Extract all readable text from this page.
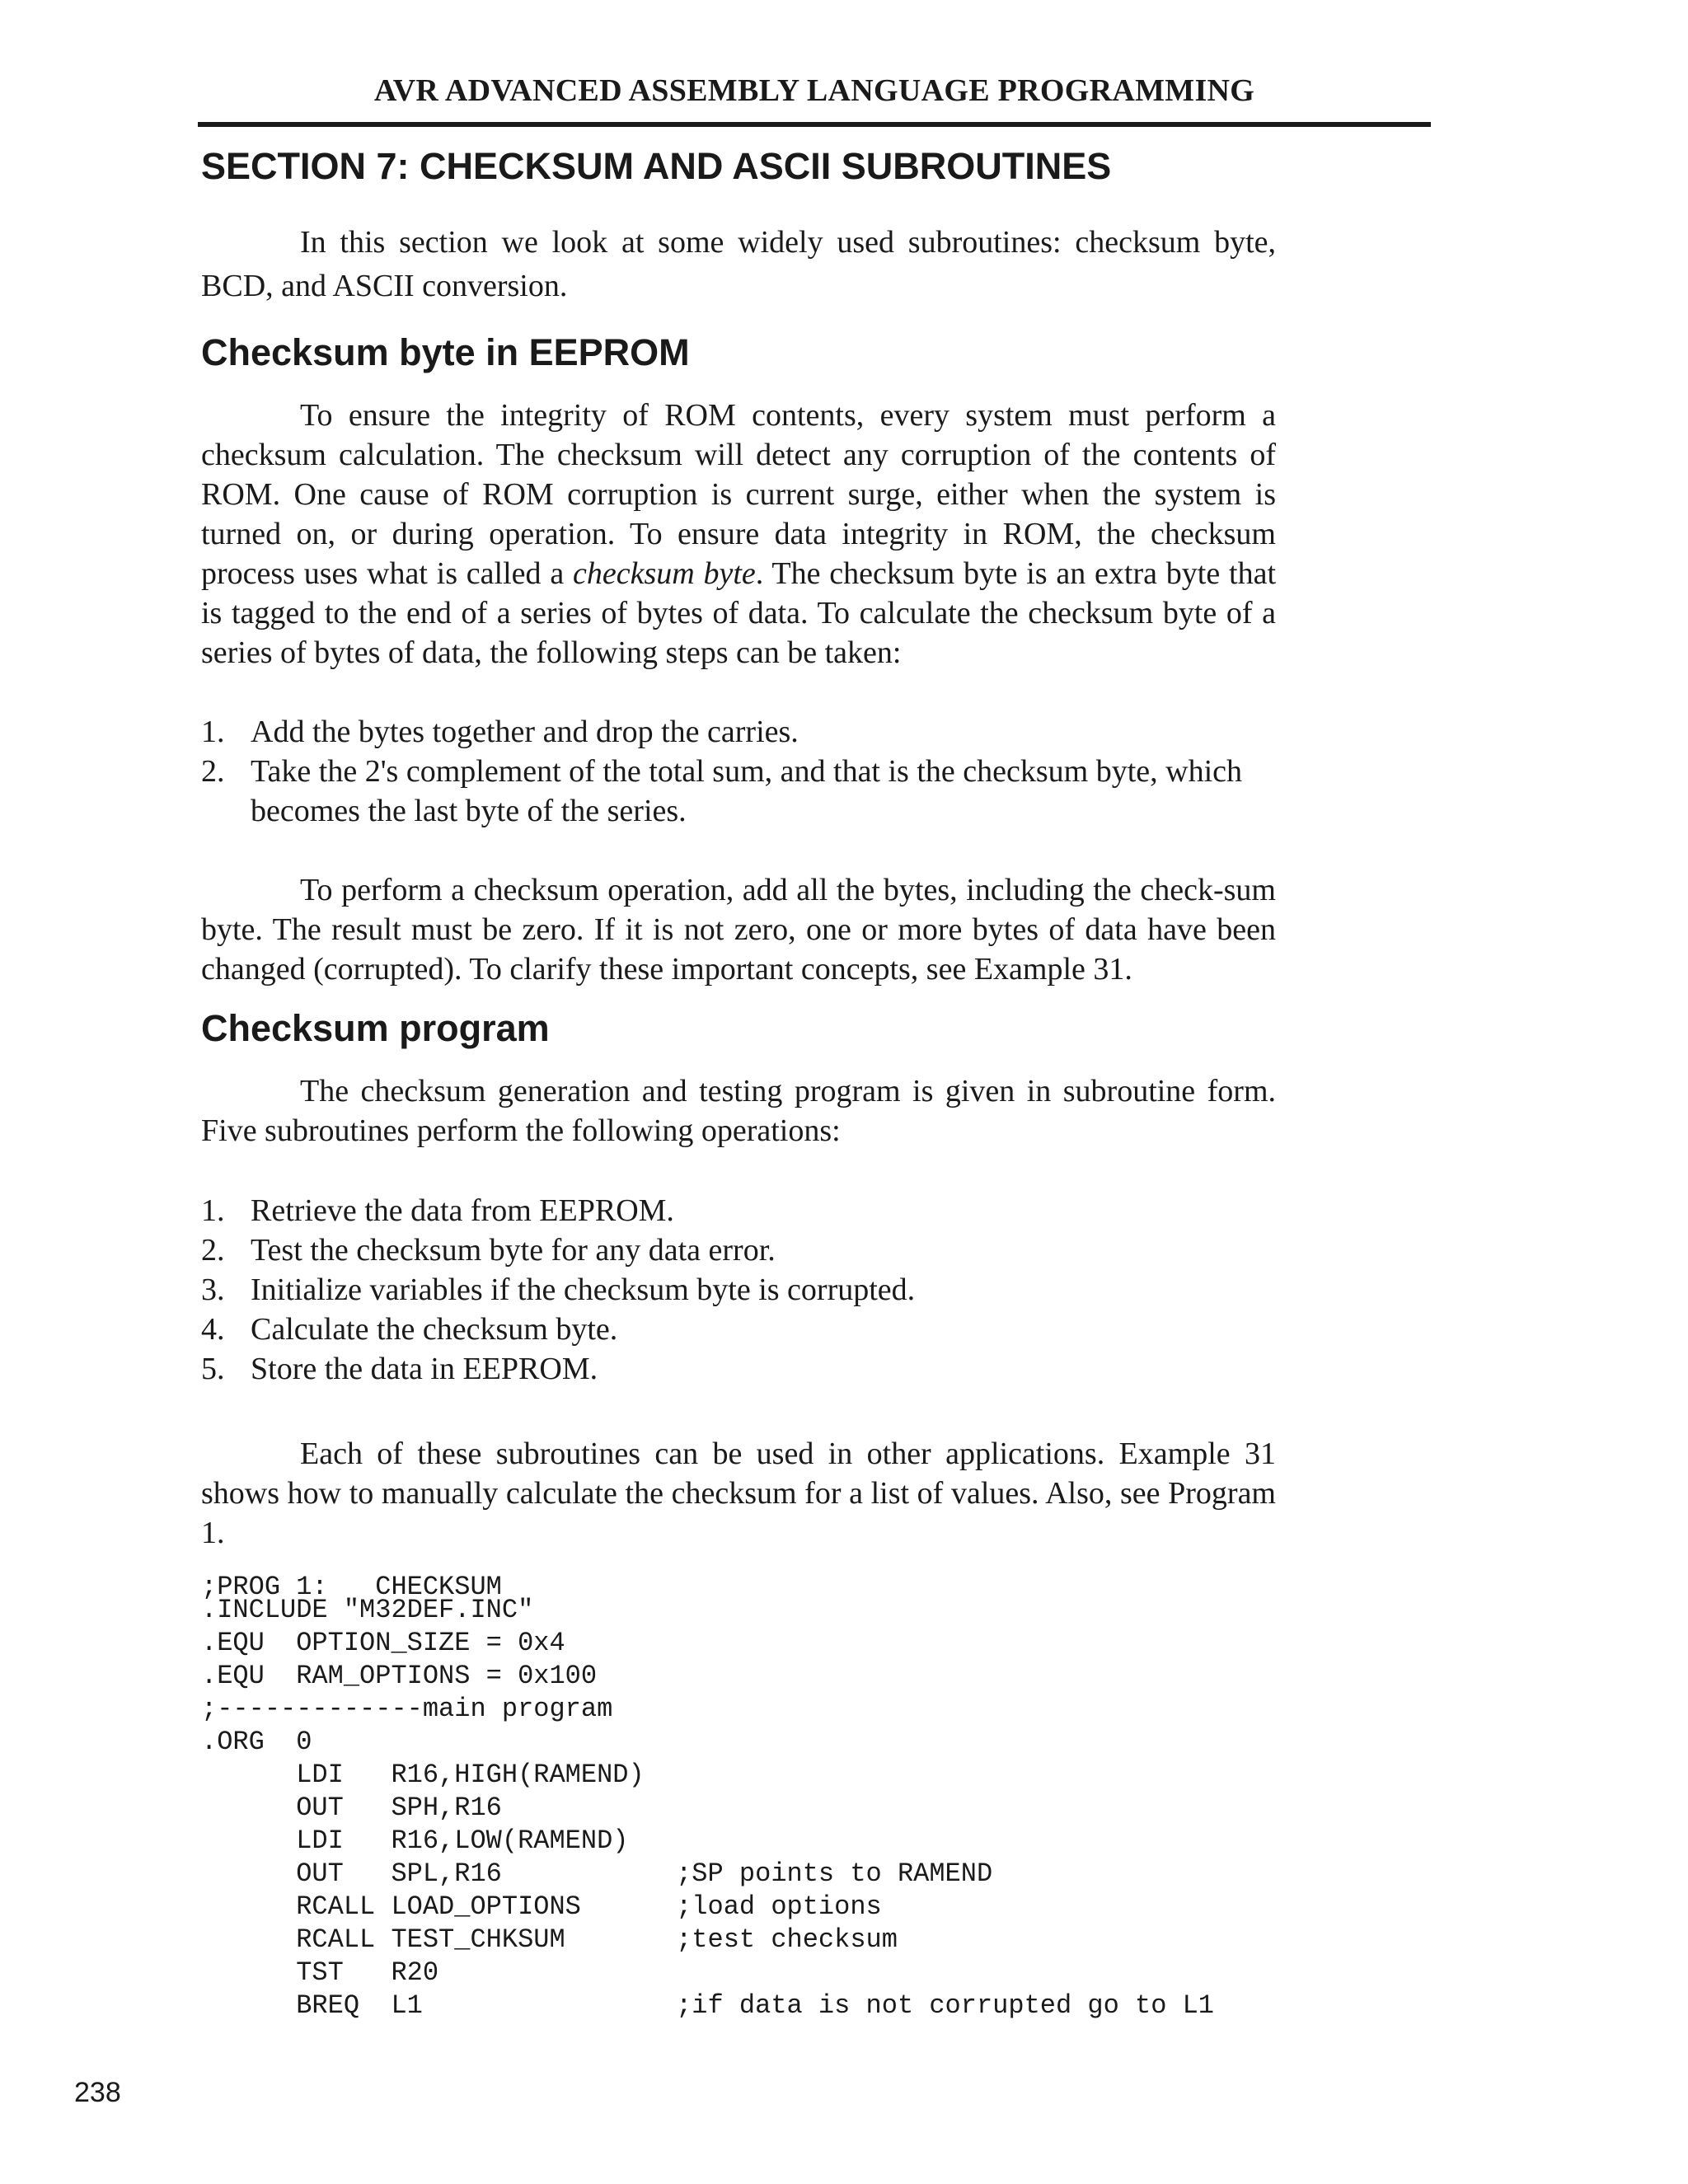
AVR ADVANCED ASSEMBLY LANGUAGE PROGRAMMING
SECTION 7: CHECKSUM AND ASCII SUBROUTINES

In this section we look at some widely used subroutines: checksum byte, BCD, and ASCII conversion.

Checksum byte in EEPROM

To ensure the integrity of ROM contents, every system must perform a checksum calculation. The checksum will detect any corruption of the contents of ROM. One cause of ROM corruption is current surge, either when the system is turned on, or during operation. To ensure data integrity in ROM, the checksum process uses what is called a checksum byte. The checksum byte is an extra byte that is tagged to the end of a series of bytes of data. To calculate the checksum byte of a series of bytes of data, the following steps can be taken:

1. Add the bytes together and drop the carries.
2. Take the 2's complement of the total sum, and that is the checksum byte, which becomes the last byte of the series.

To perform a checksum operation, add all the bytes, including the check-sum byte. The result must be zero. If it is not zero, one or more bytes of data have been changed (corrupted). To clarify these important concepts, see Example 31.

Checksum program

The checksum generation and testing program is given in subroutine form. Five subroutines perform the following operations:

1. Retrieve the data from EEPROM.
2. Test the checksum byte for any data error.
3. Initialize variables if the checksum byte is corrupted.
4. Calculate the checksum byte.
5. Store the data in EEPROM.

Each of these subroutines can be used in other applications. Example 31 shows how to manually calculate the checksum for a list of values. Also, see Program 1.

;PROG 1:   CHECKSUM
.INCLUDE "M32DEF.INC"
.EQU  OPTION_SIZE = 0x4
.EQU  RAM_OPTIONS = 0x100
;-------------main program
.ORG  0
LDI   R16,HIGH(RAMEND)
OUT   SPH,R16
LDI   R16,LOW(RAMEND)
OUT   SPL,R16           ;SP points to RAMEND
RCALL LOAD_OPTIONS      ;load options
RCALL TEST_CHKSUM       ;test checksum
TST   R20
BREQ  L1                ;if data is not corrupted go to L1
238
